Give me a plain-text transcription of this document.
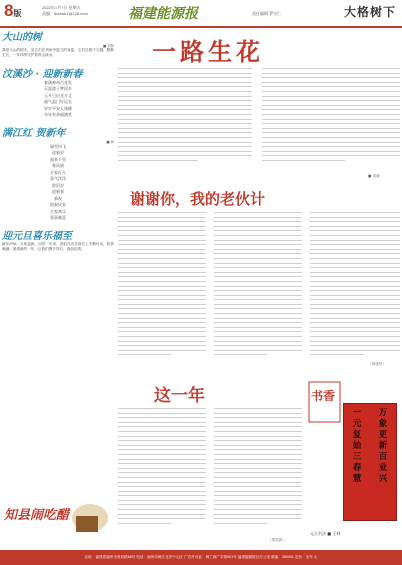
8版
2022年1月7日 星期五
责编：lbxdwk1@126.com	福建能源报	责任编辑 罗宗仁	大格树下
大山的树
■ 刘林
我爱大山的树木，爱它们在风雨中挺立的身姿，它们扎根于石缝，默默生长，一年四季守护着青山绿水。
汶溪沙 · 迎新新春
春满神州百花发
天涯游子梦回乡
云开日出光万丈
福气盈门好运长
岁岁平安人康健
年年有余福满堂
满江红 贺新年
■ 林
瑞雪纷飞
迎新岁
福来千里
春风到
万家灯火
喜气洋洋
辞旧岁
迎新春
恭祝
国泰民安
合家欢乐
事事顺意
迎元旦喜乐福至
新年伊始，万象更新。回首一年来，我们在各自岗位上辛勤付出，收获满满。展望新的一年，让我们携手同行，再创佳绩。
知县闹吃醋
一路生花
■ 刘晓
谢谢你，我的老伙计
（林建材）
这一年
（郑凯凯）
书香
一
元
复
始
三
春
慧
万
象
更
新
百
业
兴
元旦书法 ■ 王林
社址：福建省福州市省府路68号 电话：福州市闽江北岸中心区 广告许可证：闽工商广字第001号 福建能源报社办公室 邮编：350001 定价：全年 元
